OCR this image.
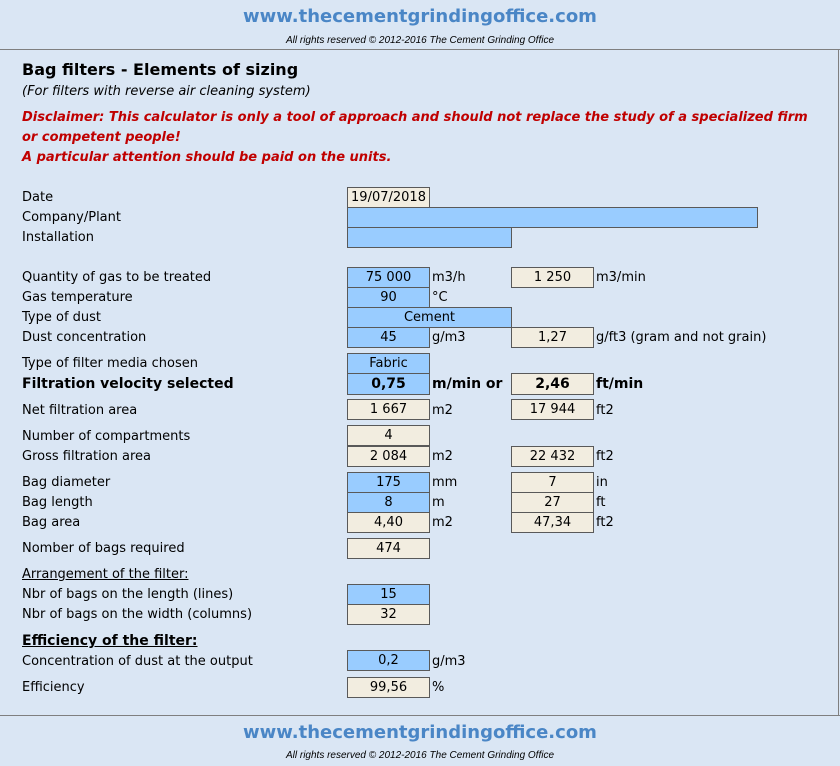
www.thecementgrindingoffice.com
All rights reserved © 2012-2016 The Cement Grinding Office
Bag filters - Elements of sizing
(For filters with reverse air cleaning system)
Disclaimer: This calculator is only a tool of approach and should not replace the study of a specialized firm
or competent people!
A particular attention should be paid on the units.
Date	19/07/2018
Company/Plant
Installation
Quantity of gas to be treated	75 000	m3/h	1 250	m3/min
Gas temperature	90	°C
Type of dust	Cement
Dust concentration	45	g/m3	1,27	g/ft3 (gram and not grain)
Type of filter media chosen	Fabric
Filtration velocity selected	0,75	m/min or	2,46	ft/min
Net filtration area	1 667	m2	17 944	ft2
Number of compartments	4
Gross filtration area	2 084	m2	22 432	ft2
Bag diameter	175	mm	7	in
Bag length	8	m	27	ft
Bag area	4,40	m2	47,34	ft2
Nomber of bags required	474
Arrangement of the filter:
Nbr of bags on the length (lines)	15
Nbr of bags on the width (columns)	32
Efficiency of the filter:
Concentration of dust at the output	0,2	g/m3
Efficiency	99,56	%
www.thecementgrindingoffice.com
All rights reserved © 2012-2016 The Cement Grinding Office
